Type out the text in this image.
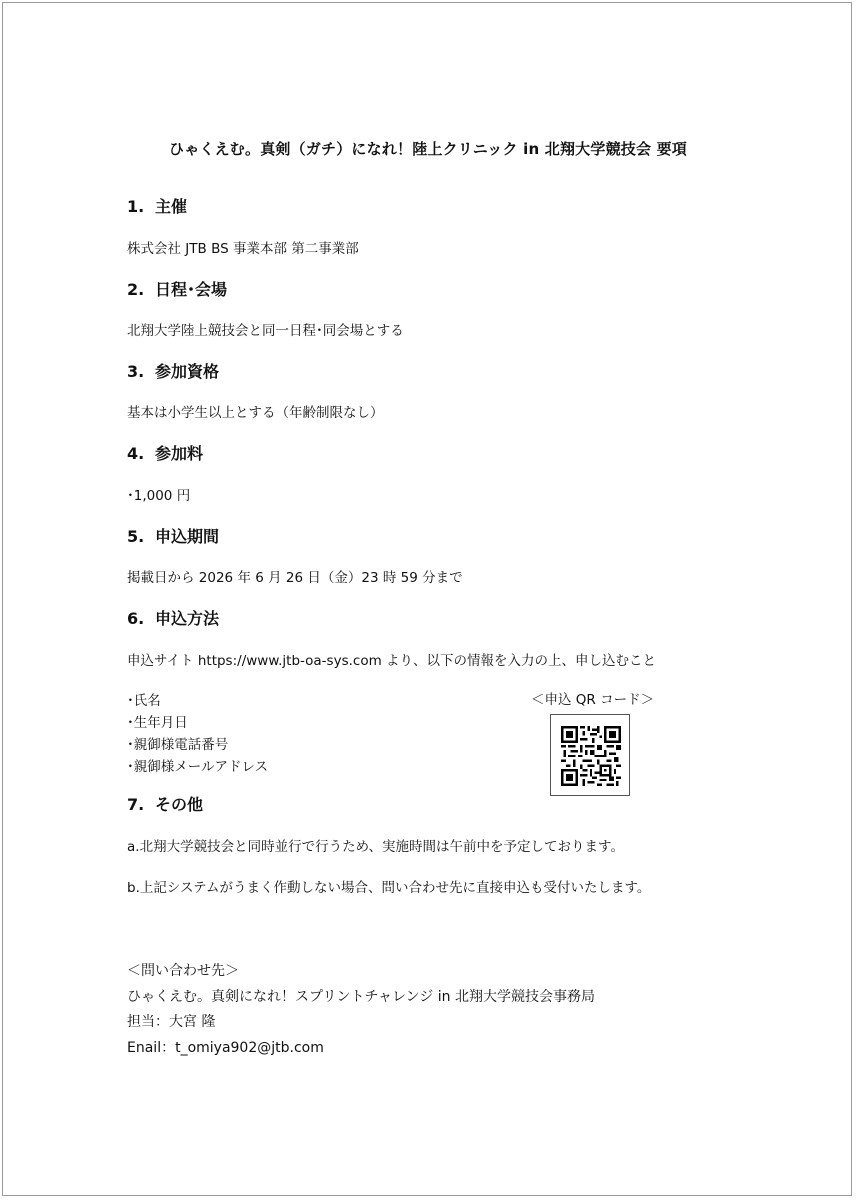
ひゃくえむ。真剣（ガチ）になれ！陸上クリニック in 北翔大学競技会 要項
1. 主催
株式会社 JTB BS 事業本部 第二事業部
2. 日程･会場
北翔大学陸上競技会と同一日程･同会場とする
3. 参加資格
基本は小学生以上とする（年齢制限なし）
4. 参加料
･1,000 円
5. 申込期間
掲載日から 2026 年 6 月 26 日（金）23 時 59 分まで
6. 申込方法
申込サイト https://www.jtb-oa-sys.com より、以下の情報を入力の上、申し込むこと
･氏名
･生年月日
･親御様電話番号
･親御様メールアドレス
＜申込 QR コード＞
7. その他
a.北翔大学競技会と同時並行で行うため、実施時間は午前中を予定しております。
b.上記システムがうまく作動しない場合、問い合わせ先に直接申込も受付いたします。
＜問い合わせ先＞
ひゃくえむ。真剣になれ！スプリントチャレンジ in 北翔大学競技会事務局
担当：大宮 隆
Enail：t_omiya902@jtb.com
